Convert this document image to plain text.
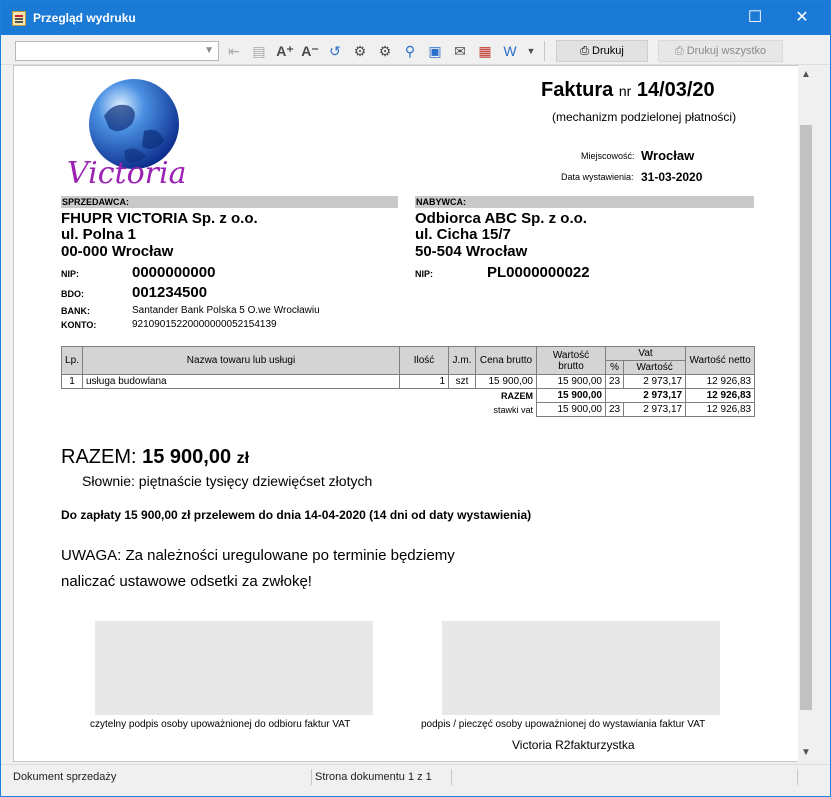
Przegląd wydruku	☐	✕
▼ ⇤ ▤ A⁺ A⁻ ↺ ⚙ ⚙ ⚲ ▣ ✉ ▦ W	▼	⎙ Drukuj	⎙ Drukuj wszystko
Victoria
Faktura nr 14/03/20
(mechanizm podzielonej płatności)
Miejscowość: Wrocław
Data wystawienia: 31-03-2020
SPRZEDAWCA:	NABYWCA:
FHUPR VICTORIA Sp. z o.o.
ul. Polna 1
00-000 Wrocław
NIP:	0000000000
BDO:	001234500
BANK:	Santander Bank Polska 5 O.we Wrocławiu
KONTO:	92109015220000000052154139
Odbiorca ABC Sp. z o.o.
ul. Cicha 15/7
50-504 Wrocław
NIP:	PL0000000022
Lp.	Nazwa towaru lub usługi	Ilość	J.m.	Cena brutto	Wartość brutto	Vat		Wartość netto
						%	Wartość	
1	usługa budowlana	1	szt	15 900,00	15 900,00	23	2 973,17	12 926,83
RAZEM					15 900,00		2 973,17	12 926,83
stawki vat					15 900,00	23	2 973,17	12 926,83
RAZEM: 15 900,00 zł
Słownie: piętnaście tysięcy dziewięćset złotych
Do zapłaty 15 900,00 zł przelewem do dnia 14-04-2020 (14 dni od daty wystawienia)
UWAGA: Za należności uregulowane po terminie będziemy
naliczać ustawowe odsetki za zwłokę!
czytelny podpis osoby upoważnionej do odbioru faktur VAT	podpis / pieczęć osoby upoważnionej do wystawiania faktur VAT
Victoria R2fakturzystka
▲
▼
Dokument sprzedaży	Strona dokumentu 1 z 1
